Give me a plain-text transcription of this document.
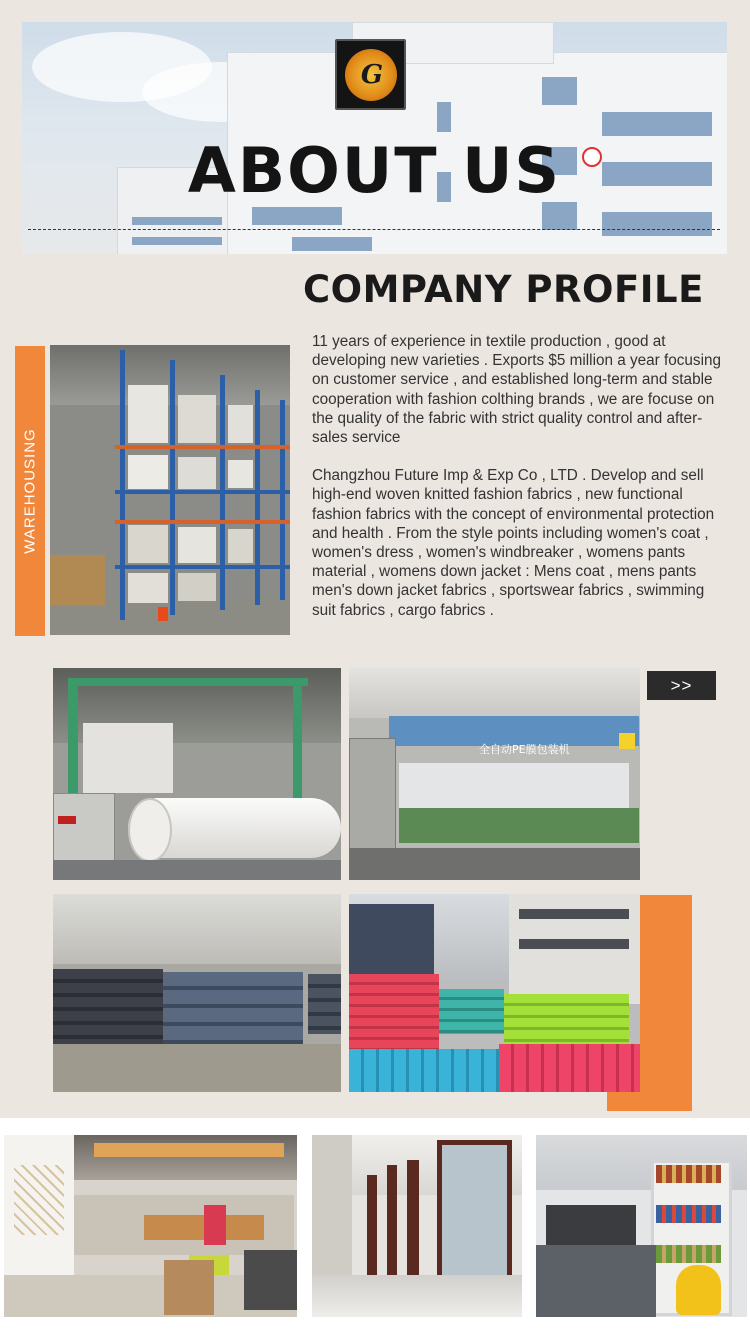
G
ABOUT US
COMPANY PROFILE
WAREHOUSING

11 years of experience in textile production , good at developing new varieties . Exports $5 million a year focusing on customer service , and established long-term and stable cooperation with fashion colthing brands , we are focuse on the quality of the fabric with strict quality control and after-sales service

Changzhou Future Imp & Exp Co , LTD . Develop and sell high-end woven knitted fashion fabrics , new functional fashion fabrics with the concept of environmental protection and health . From the style points including women's coat , women's dress , women's windbreaker , womens pants material , womens down jacket : Mens coat , mens pants men's down jacket fabrics , sportswear fabrics , swimming suit fabrics , cargo fabrics .

全自动PE膜包装机
>>
